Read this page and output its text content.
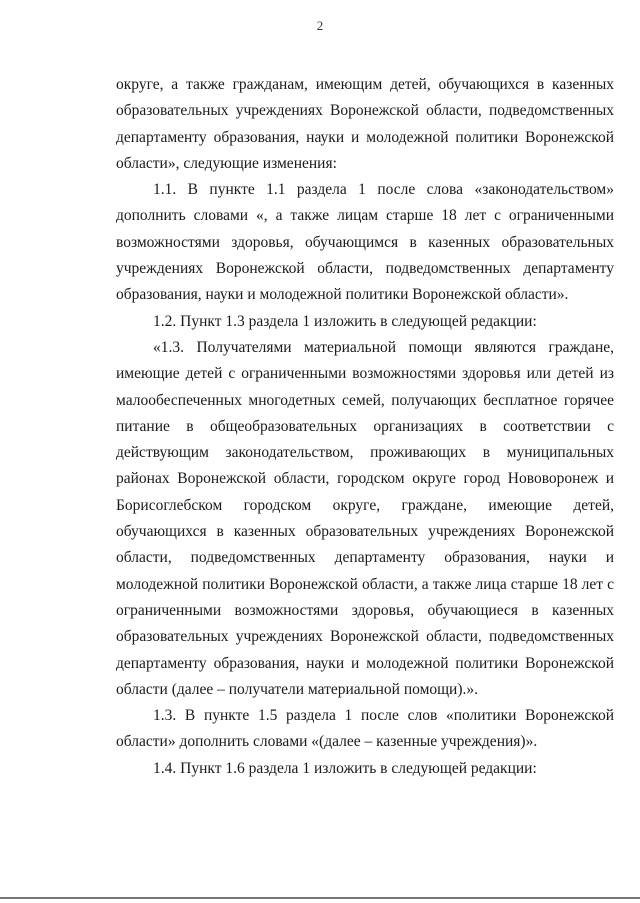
2

округе, а также гражданам, имеющим детей, обучающихся в казенных образовательных учреждениях Воронежской области, подведомственных департаменту образования, науки и молодежной политики Воронежской области», следующие изменения:

1.1. В пункте 1.1 раздела 1 после слова «законодательством» дополнить словами «, а также лицам старше 18 лет с ограниченными возможностями здоровья, обучающимся в казенных образовательных учреждениях Воронежской области, подведомственных департаменту образования, науки и молодежной политики Воронежской области».

1.2. Пункт 1.3 раздела 1 изложить в следующей редакции:

«1.3. Получателями материальной помощи являются граждане, имеющие детей с ограниченными возможностями здоровья или детей из малообеспеченных многодетных семей, получающих бесплатное горячее питание в общеобразовательных организациях в соответствии с действующим законодательством, проживающих в муниципальных районах Воронежской области, городском округе город Нововоронеж и Борисоглебском городском округе, граждане, имеющие детей, обучающихся в казенных образовательных учреждениях Воронежской области, подведомственных департаменту образования, науки и молодежной политики Воронежской области, а также лица старше 18 лет с ограниченными возможностями здоровья, обучающиеся в казенных образовательных учреждениях Воронежской области, подведомственных департаменту образования, науки и молодежной политики Воронежской области (далее – получатели материальной помощи).».

1.3. В пункте 1.5 раздела 1 после слов «политики Воронежской области» дополнить словами «(далее – казенные учреждения)».

1.4. Пункт 1.6 раздела 1 изложить в следующей редакции:
